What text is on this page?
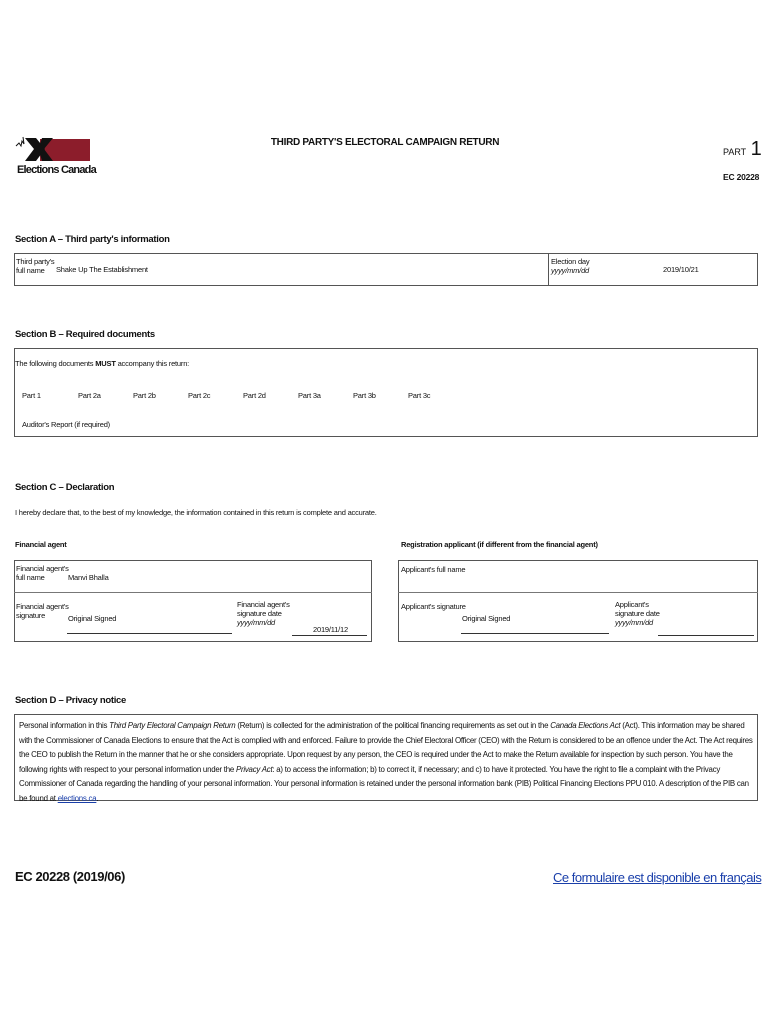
Elections Canada
THIRD PARTY'S ELECTORAL CAMPAIGN RETURN
PART 1
EC 20228
Section A – Third party's information
Third party's
full name	Shake Up The Establishment
Election day
yyyy/mm/dd	2019/10/21
Section B – Required documents
The following documents MUST accompany this return:
Part 1	Part 2a	Part 2b	Part 2c	Part 2d	Part 3a	Part 3b	Part 3c
Auditor's Report (if required)
Section C – Declaration
I hereby declare that, to the best of my knowledge, the information contained in this return is complete and accurate.
Financial agent
Financial agent's
full name	Manvi Bhalla
Financial agent's
signature	Original Signed
Financial agent's
signature date
yyyy/mm/dd
2019/11/12
Registration applicant (if different from the financial agent)
Applicant's full name
Applicant's signature
Original Signed
Applicant's
signature date
yyyy/mm/dd
Section D – Privacy notice
Personal information in this Third Party Electoral Campaign Return (Return) is collected for the administration of the political financing requirements as set out in the Canada Elections Act (Act). This information may be shared with the Commissioner of Canada Elections to ensure that the Act is complied with and enforced. Failure to provide the Chief Electoral Officer (CEO) with the Return is considered to be an offence under the Act. The Act requires the CEO to publish the Return in the manner that he or she considers appropriate. Upon request by any person, the CEO is required under the Act to make the Return available for inspection by such person. You have the following rights with respect to your personal information under the Privacy Act: a) to access the information; b) to correct it, if necessary; and c) to have it protected. You have the right to file a complaint with the Privacy Commissioner of Canada regarding the handling of your personal information. Your personal information is retained under the personal information bank (PIB) Political Financing Elections PPU 010. A description of the PIB can be found at elections.ca.
EC 20228 (2019/06)	Ce formulaire est disponible en français
